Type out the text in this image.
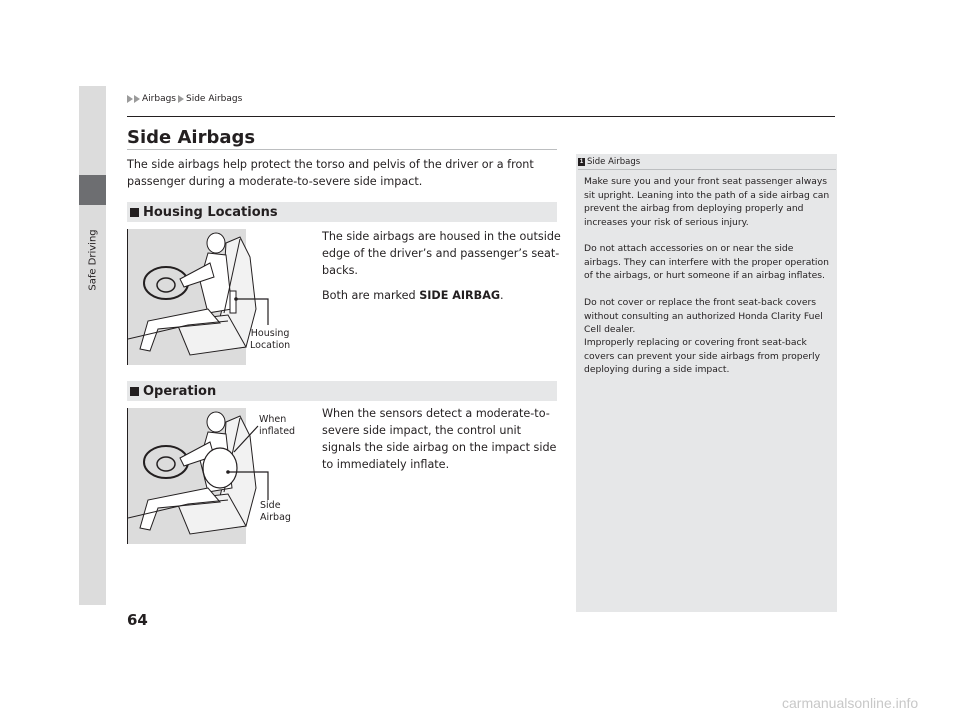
Safe Driving
Airbags Side Airbags
Side Airbags
The side airbags help protect the torso and pelvis of the driver or a front passenger during a moderate-to-severe side impact.
Housing Locations
The side airbags are housed in the outside edge of the driver’s and passenger’s seat-backs.
Both are marked SIDE AIRBAG.
Housing
Location
Operation
When the sensors detect a moderate-to-severe side impact, the control unit signals the side airbag on the impact side to immediately inflate.
When
inflated
Side
Airbag
1 Side Airbags
Make sure you and your front seat passenger always sit upright. Leaning into the path of a side airbag can prevent the airbag from deploying properly and increases your risk of serious injury.
Do not attach accessories on or near the side airbags. They can interfere with the proper operation of the airbags, or hurt someone if an airbag inflates.
Do not cover or replace the front seat-back covers without consulting an authorized Honda Clarity Fuel Cell dealer.
Improperly replacing or covering front seat-back covers can prevent your side airbags from properly deploying during a side impact.
64
carmanualsonline.info
